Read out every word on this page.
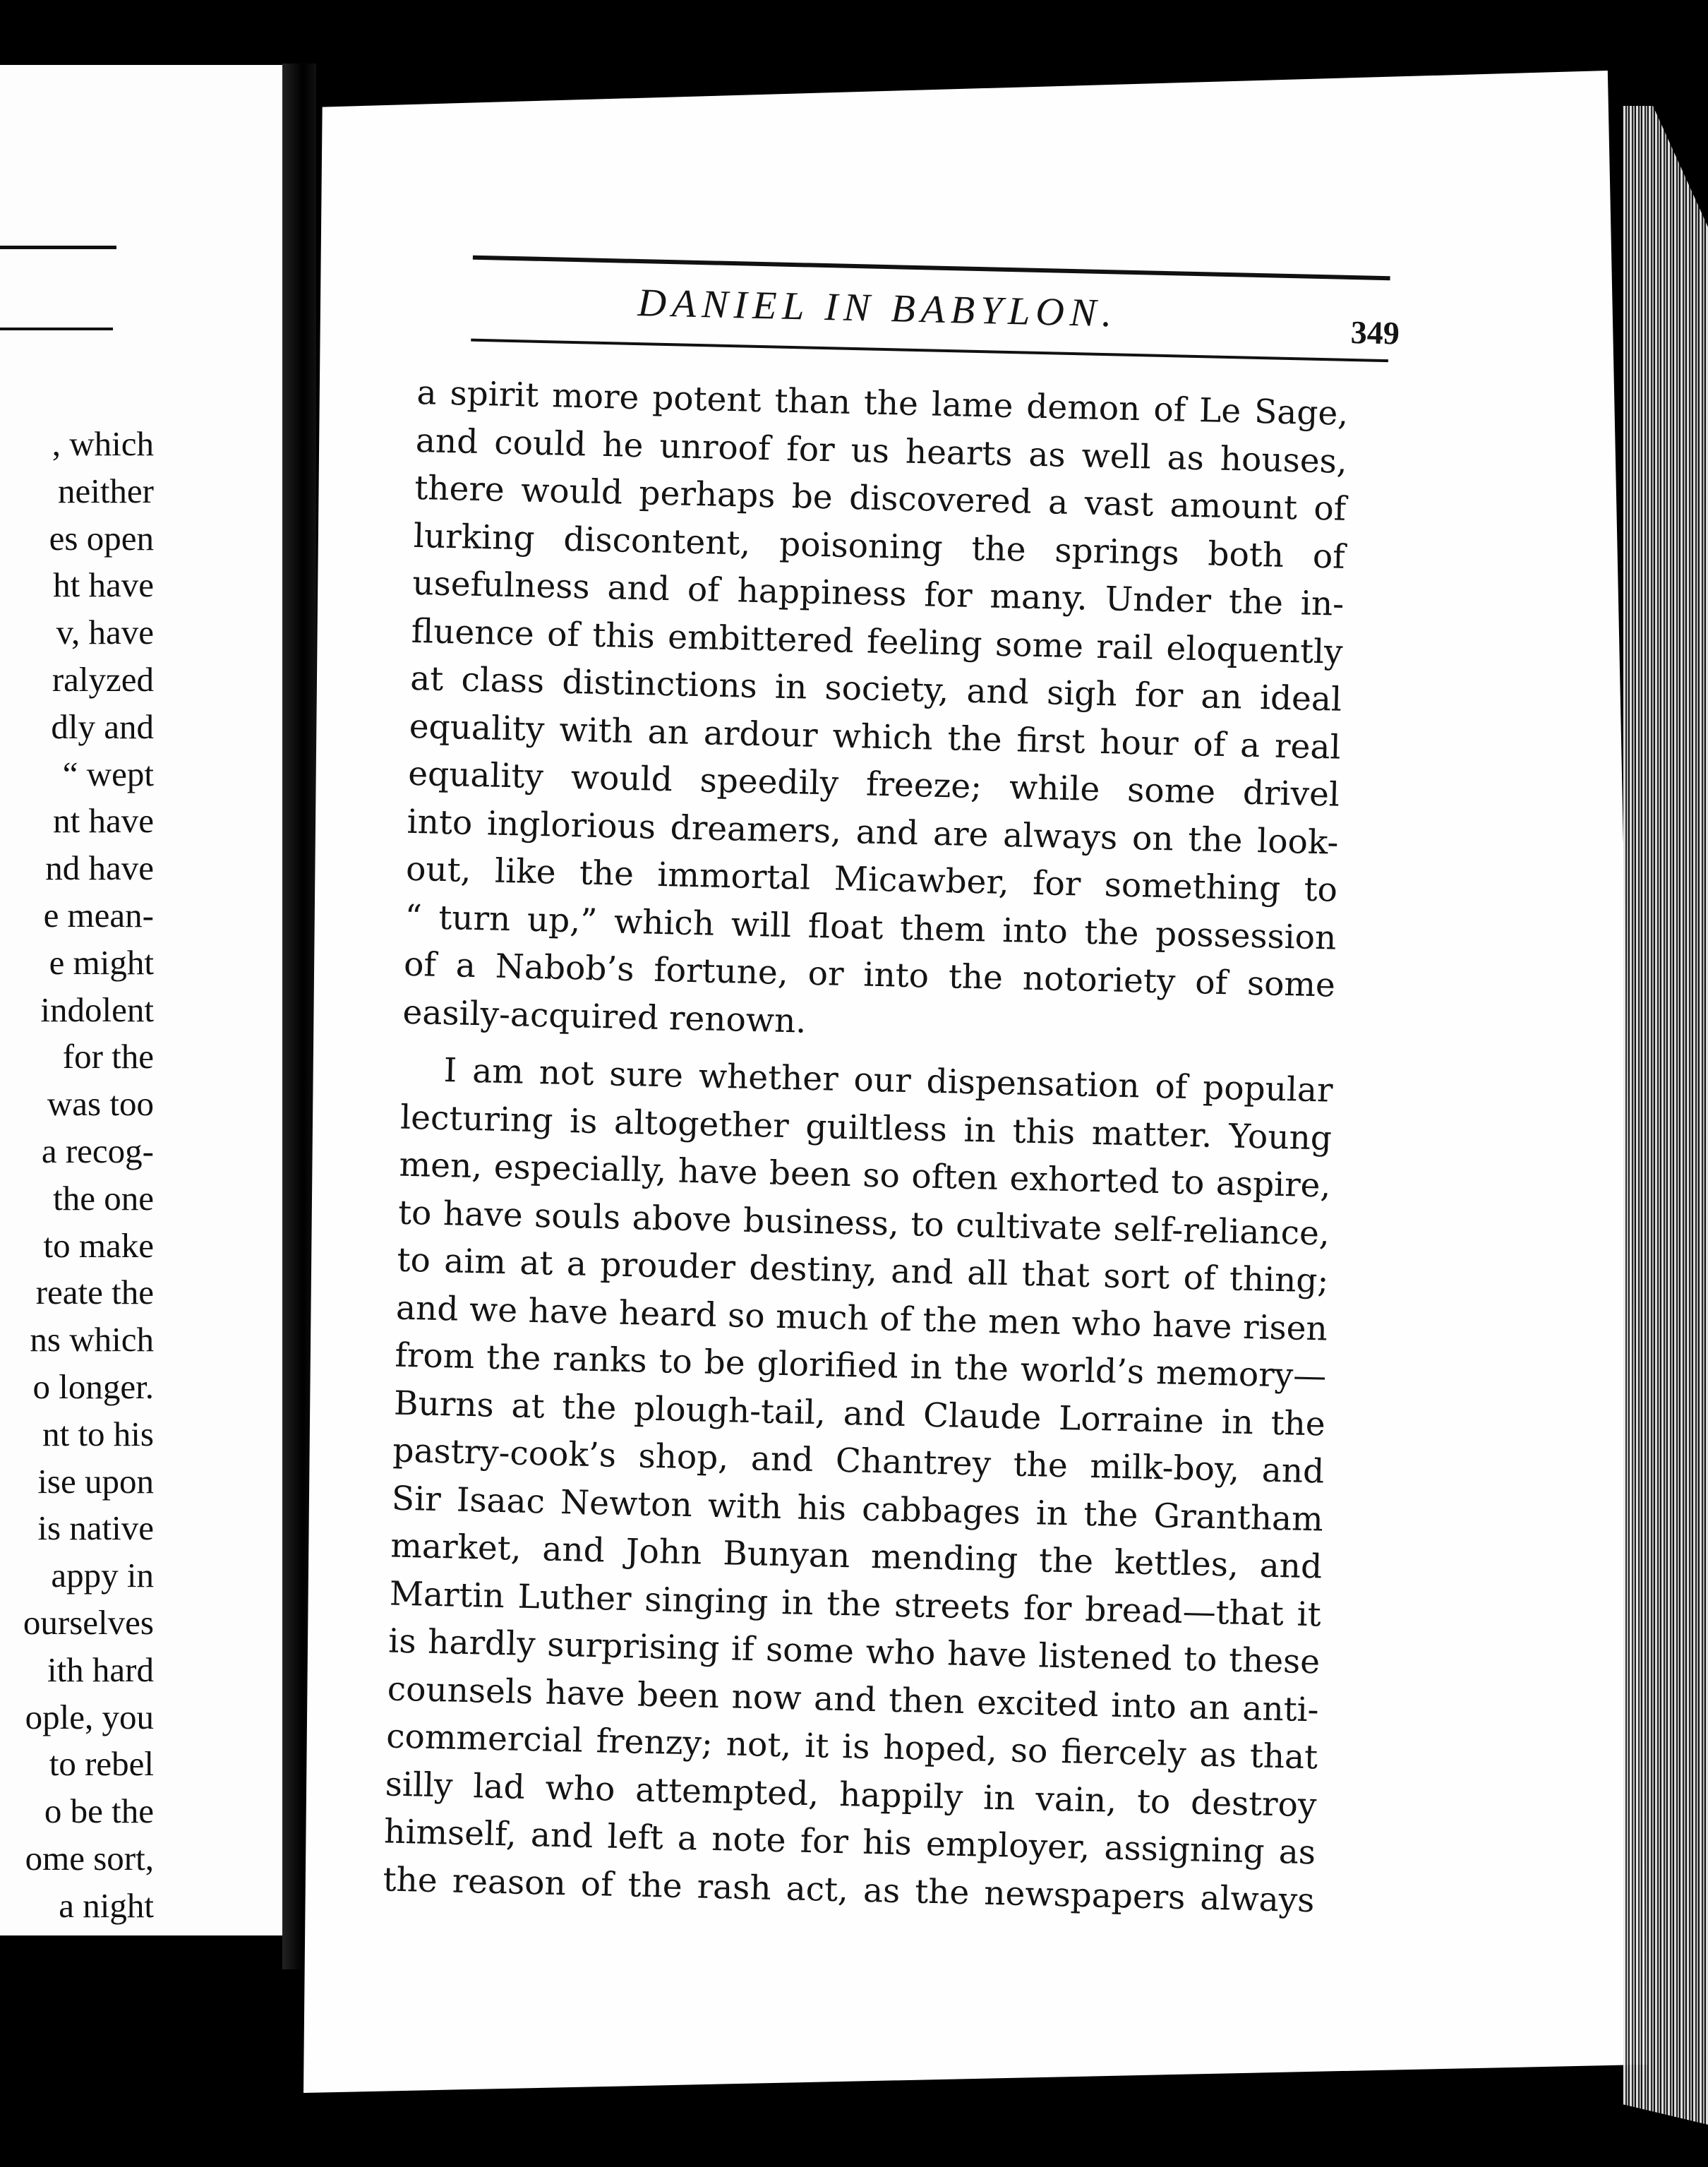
, which
neither
es open
ht have
v, have
ralyzed
dly and
“ wept
nt have
nd have
e mean-
e might
indolent
for the
was too
a recog-
the one
to make
reate the
ns which
o longer.
nt to his
ise upon
is native
appy in
ourselves
ith hard
ople, you
to rebel
o be the
ome sort,
a night
DANIEL IN BABYLON.	349
a spirit more potent than the lame demon of Le Sage,
and could he unroof for us hearts as well as houses,
there would perhaps be discovered a vast amount of
lurking discontent, poisoning the springs both of
usefulness and of happiness for many. Under the in-
fluence of this embittered feeling some rail eloquently
at class distinctions in society, and sigh for an ideal
equality with an ardour which the first hour of a real
equality would speedily freeze; while some drivel
into inglorious dreamers, and are always on the look-
out, like the immortal Micawber, for something to
“ turn up,” which will float them into the possession
of a Nabob’s fortune, or into the notoriety of some
easily-acquired renown.
I am not sure whether our dispensation of popular
lecturing is altogether guiltless in this matter. Young
men, especially, have been so often exhorted to aspire,
to have souls above business, to cultivate self-reliance,
to aim at a prouder destiny, and all that sort of thing;
and we have heard so much of the men who have risen
from the ranks to be glorified in the world’s memory—
Burns at the plough-tail, and Claude Lorraine in the
pastry-cook’s shop, and Chantrey the milk-boy, and
Sir Isaac Newton with his cabbages in the Grantham
market, and John Bunyan mending the kettles, and
Martin Luther singing in the streets for bread—that it
is hardly surprising if some who have listened to these
counsels have been now and then excited into an anti-
commercial frenzy; not, it is hoped, so fiercely as that
silly lad who attempted, happily in vain, to destroy
himself, and left a note for his employer, assigning as
the reason of the rash act, as the newspapers always
